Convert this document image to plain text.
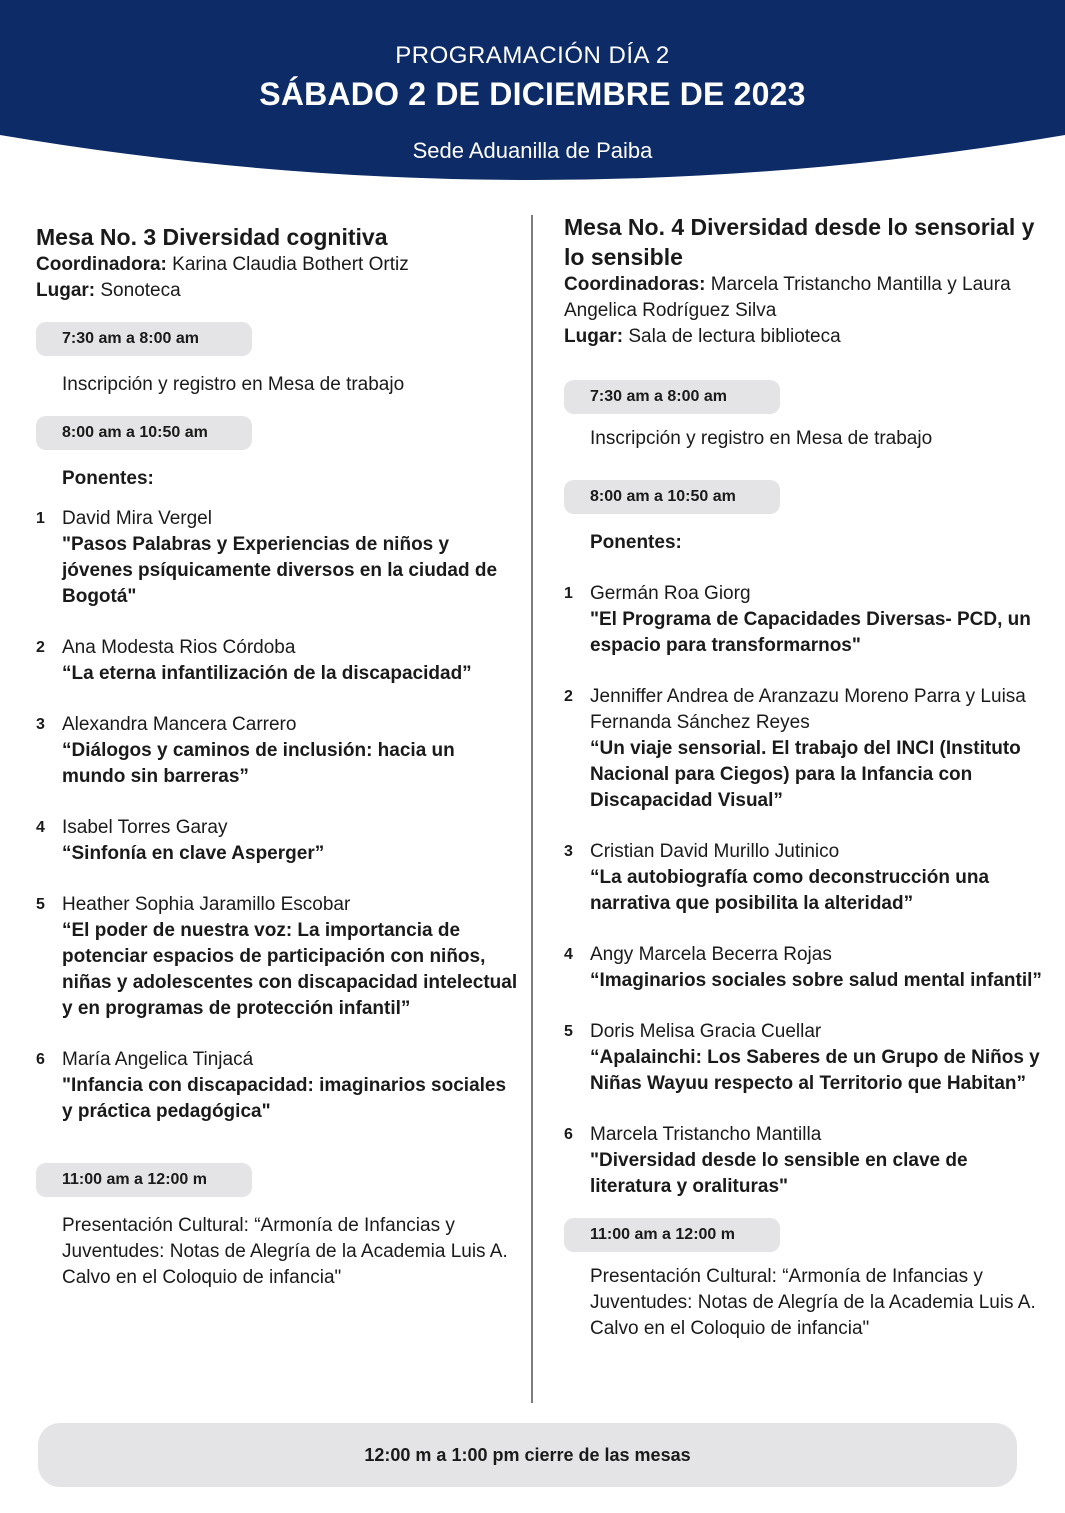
PROGRAMACIÓN DÍA 2
SÁBADO 2 DE DICIEMBRE DE 2023
Sede Aduanilla de Paiba
Mesa No. 3 Diversidad cognitiva
Coordinadora: Karina Claudia Bothert Ortiz
Lugar: Sonoteca
7:30 am a 8:00 am
Inscripción y registro en Mesa de trabajo
8:00 am a 10:50 am
Ponentes:
1 David Mira Vergel
"Pasos Palabras y Experiencias de niños y jóvenes psíquicamente diversos en la ciudad de Bogotá"
2 Ana Modesta Rios Córdoba
“La eterna infantilización de la discapacidad”
3 Alexandra Mancera Carrero
“Diálogos y caminos de inclusión: hacia un mundo sin barreras”
4 Isabel Torres Garay
“Sinfonía en clave Asperger”
5 Heather Sophia Jaramillo Escobar
“El poder de nuestra voz: La importancia de potenciar espacios de participación con niños, niñas y adolescentes con discapacidad intelectual y en programas de protección infantil”
6 María Angelica Tinjacá
"Infancia con discapacidad: imaginarios sociales y práctica pedagógica"
11:00 am a 12:00 m
Presentación Cultural: “Armonía de Infancias y Juventudes: Notas de Alegría de la Academia Luis A. Calvo en el Coloquio de infancia"
Mesa No. 4 Diversidad desde lo sensorial y lo sensible
Coordinadoras: Marcela Tristancho Mantilla y Laura Angelica Rodríguez Silva
Lugar: Sala de lectura biblioteca
7:30 am a 8:00 am
Inscripción y registro en Mesa de trabajo
8:00 am a 10:50 am
Ponentes:
1 Germán Roa Giorg
"El Programa de Capacidades Diversas- PCD, un espacio para transformarnos"
2 Jenniffer Andrea de Aranzazu Moreno Parra y Luisa Fernanda Sánchez Reyes
“Un viaje sensorial. El trabajo del INCI (Instituto Nacional para Ciegos) para la Infancia con Discapacidad Visual”
3 Cristian David Murillo Jutinico
“La autobiografía como deconstrucción una narrativa que posibilita la alteridad”
4 Angy Marcela Becerra Rojas
“Imaginarios sociales sobre salud mental infantil”
5 Doris Melisa Gracia Cuellar
“Apalainchi: Los Saberes de un Grupo de Niños y Niñas Wayuu respecto al Territorio que Habitan”
6 Marcela Tristancho Mantilla
"Diversidad desde lo sensible en clave de literatura y oralituras"
11:00 am a 12:00 m
Presentación Cultural: “Armonía de Infancias y Juventudes: Notas de Alegría de la Academia Luis A. Calvo en el Coloquio de infancia"
12:00 m a 1:00 pm cierre de las mesas
